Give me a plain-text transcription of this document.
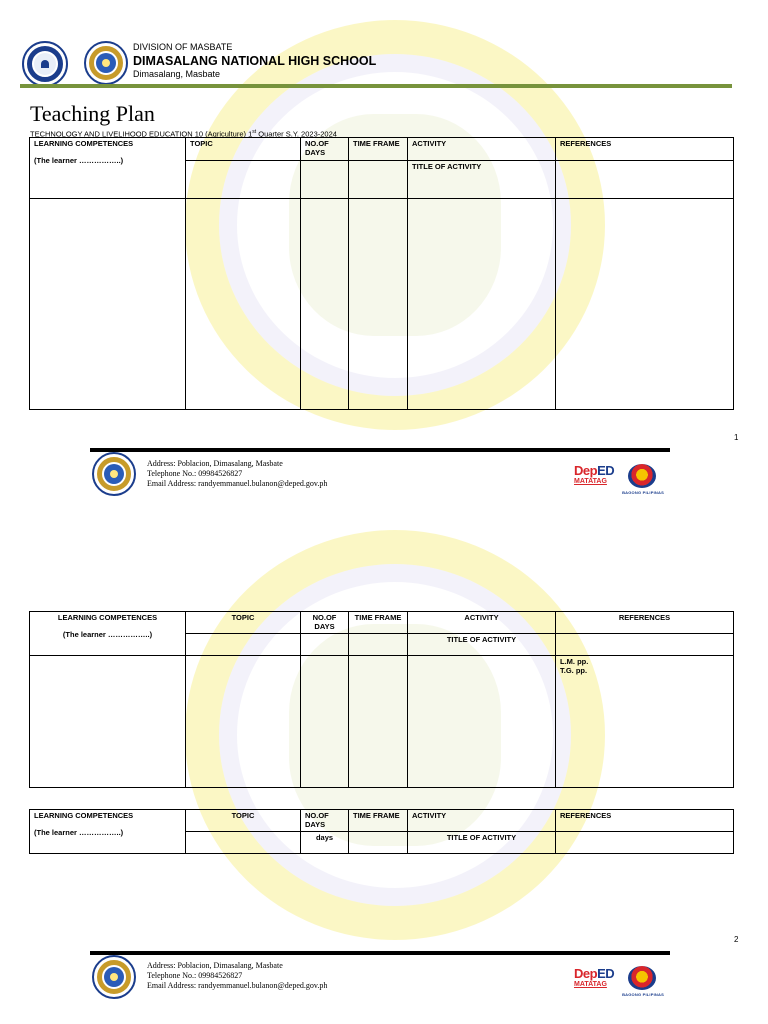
DIVISION OF MASBATE
DIMASALANG NATIONAL HIGH SCHOOL
Dimasalang, Masbate
Teaching Plan
TECHNOLOGY AND LIVELIHOOD EDUCATION 10 (Agriculture) 1st Quarter S.Y. 2023-2024
LEARNING COMPETENCES
(The learner ……………..)	TOPIC	NO.OF DAYS	TIME FRAME	ACTIVITY	REFERENCES
				TITLE OF ACTIVITY	

1
Address: Poblacion, Dimasalang, Masbate
Telephone No.: 09984526827
Email Address: randyemmanuel.bulanon@deped.gov.ph
DepED
MATATAG
BAGONG PILIPINAS
LEARNING COMPETENCES
(The learner ……………..)	TOPIC	NO.OF DAYS	TIME FRAME	ACTIVITY	REFERENCES
				TITLE OF ACTIVITY	

					L.M. pp.
T.G. pp.
LEARNING COMPETENCES
(The learner ……………..)	TOPIC	NO.OF DAYS	TIME FRAME	ACTIVITY	REFERENCES
		days		TITLE OF ACTIVITY	
2
Address: Poblacion, Dimasalang, Masbate
Telephone No.: 09984526827
Email Address: randyemmanuel.bulanon@deped.gov.ph
DepED
MATATAG
BAGONG PILIPINAS
